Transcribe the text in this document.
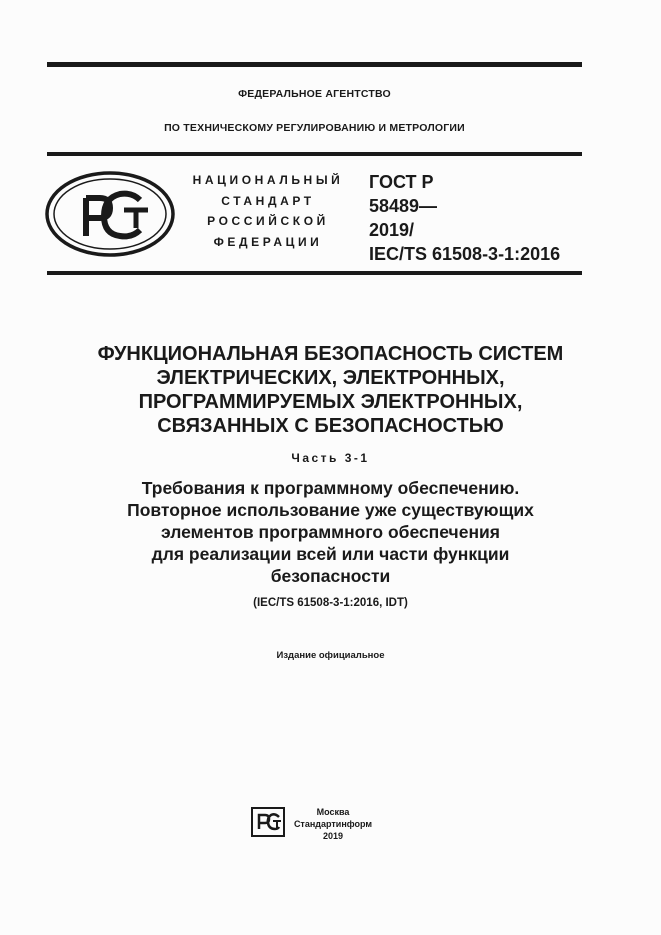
ФЕДЕРАЛЬНОЕ АГЕНТСТВО
ПО ТЕХНИЧЕСКОМУ РЕГУЛИРОВАНИЮ И МЕТРОЛОГИИ
НАЦИОНАЛЬНЫЙ
СТАНДАРТ
РОССИЙСКОЙ
ФЕДЕРАЦИИ
ГОСТ Р
58489—
2019/
IEC/TS 61508-3-1:2016
ФУНКЦИОНАЛЬНАЯ БЕЗОПАСНОСТЬ СИСТЕМ
ЭЛЕКТРИЧЕСКИХ, ЭЛЕКТРОННЫХ,
ПРОГРАММИРУЕМЫХ ЭЛЕКТРОННЫХ,
СВЯЗАННЫХ С БЕЗОПАСНОСТЬЮ
Часть 3-1
Требования к программному обеспечению.
Повторное использование уже существующих
элементов программного обеспечения
для реализации всей или части функции
безопасности
(IEC/TS 61508-3-1:2016, IDT)
Издание официальное
Москва
Стандартинформ
2019
